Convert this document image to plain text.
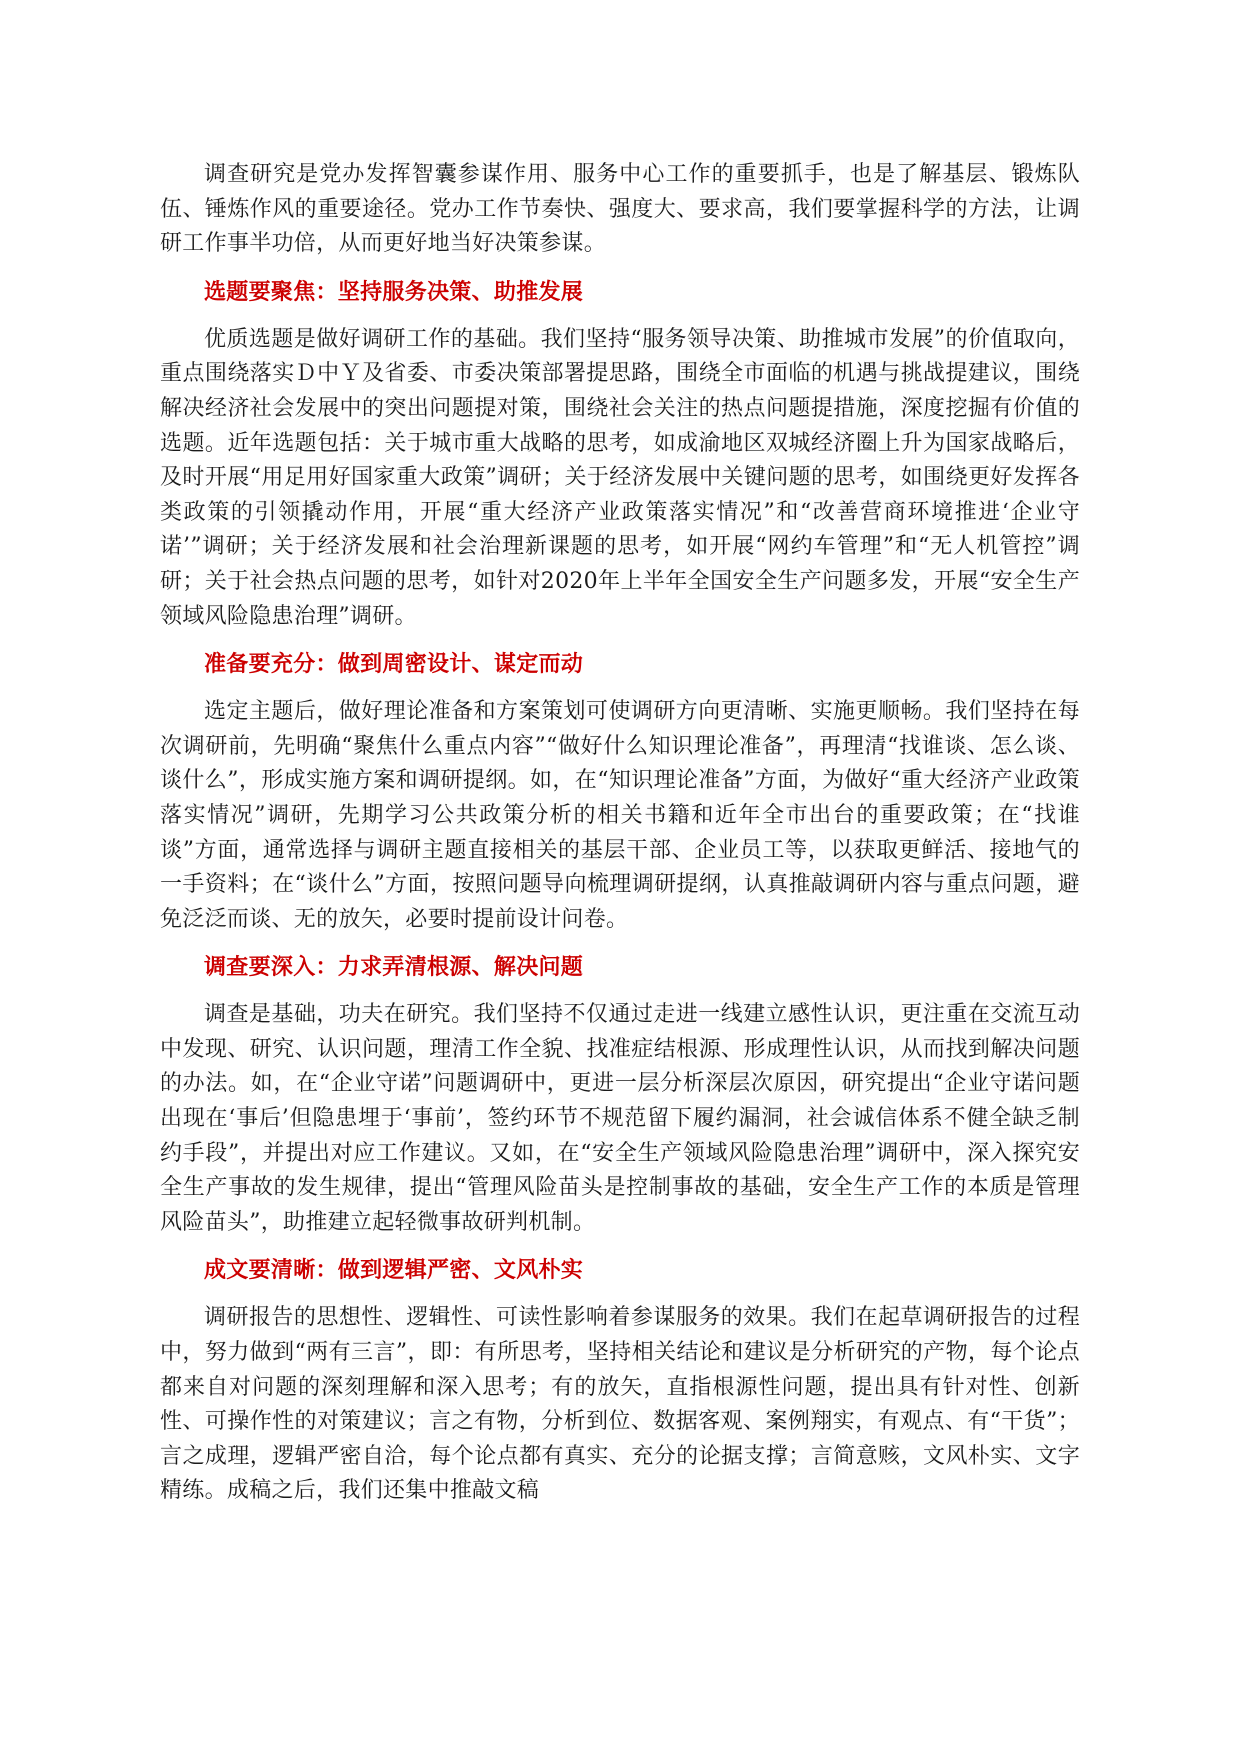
调查研究是党办发挥智囊参谋作用、服务中心工作的重要抓手，也是了解基层、锻炼队伍、锤炼作风的重要途径。党办工作节奏快、强度大、要求高，我们要掌握科学的方法，让调研工作事半功倍，从而更好地当好决策参谋。

选题要聚焦：坚持服务决策、助推发展

优质选题是做好调研工作的基础。我们坚持“服务领导决策、助推城市发展”的价值取向，重点围绕落实Ｄ中Ｙ及省委、市委决策部署提思路，围绕全市面临的机遇与挑战提建议，围绕解决经济社会发展中的突出问题提对策，围绕社会关注的热点问题提措施，深度挖掘有价值的选题。近年选题包括：关于城市重大战略的思考，如成渝地区双城经济圈上升为国家战略后，及时开展“用足用好国家重大政策”调研；关于经济发展中关键问题的思考，如围绕更好发挥各类政策的引领撬动作用，开展“重大经济产业政策落实情况”和“改善营商环境推进‘企业守诺’”调研；关于经济发展和社会治理新课题的思考，如开展“网约车管理”和“无人机管控”调研；关于社会热点问题的思考，如针对2020年上半年全国安全生产问题多发，开展“安全生产领域风险隐患治理”调研。

准备要充分：做到周密设计、谋定而动

选定主题后，做好理论准备和方案策划可使调研方向更清晰、实施更顺畅。我们坚持在每次调研前，先明确“聚焦什么重点内容”“做好什么知识理论准备”，再理清“找谁谈、怎么谈、谈什么”，形成实施方案和调研提纲。如，在“知识理论准备”方面，为做好“重大经济产业政策落实情况”调研，先期学习公共政策分析的相关书籍和近年全市出台的重要政策；在“找谁谈”方面，通常选择与调研主题直接相关的基层干部、企业员工等，以获取更鲜活、接地气的一手资料；在“谈什么”方面，按照问题导向梳理调研提纲，认真推敲调研内容与重点问题，避免泛泛而谈、无的放矢，必要时提前设计问卷。

调查要深入：力求弄清根源、解决问题

调查是基础，功夫在研究。我们坚持不仅通过走进一线建立感性认识，更注重在交流互动中发现、研究、认识问题，理清工作全貌、找准症结根源、形成理性认识，从而找到解决问题的办法。如，在“企业守诺”问题调研中，更进一层分析深层次原因，研究提出“企业守诺问题出现在‘事后’但隐患埋于‘事前’，签约环节不规范留下履约漏洞，社会诚信体系不健全缺乏制约手段”，并提出对应工作建议。又如，在“安全生产领域风险隐患治理”调研中，深入探究安全生产事故的发生规律，提出“管理风险苗头是控制事故的基础，安全生产工作的本质是管理风险苗头”，助推建立起轻微事故研判机制。

成文要清晰：做到逻辑严密、文风朴实

调研报告的思想性、逻辑性、可读性影响着参谋服务的效果。我们在起草调研报告的过程中，努力做到“两有三言”，即：有所思考，坚持相关结论和建议是分析研究的产物，每个论点都来自对问题的深刻理解和深入思考；有的放矢，直指根源性问题，提出具有针对性、创新性、可操作性的对策建议；言之有物，分析到位、数据客观、案例翔实，有观点、有“干货”；言之成理，逻辑严密自洽，每个论点都有真实、充分的论据支撑；言简意赅，文风朴实、文字精练。成稿之后，我们还集中推敲文稿
